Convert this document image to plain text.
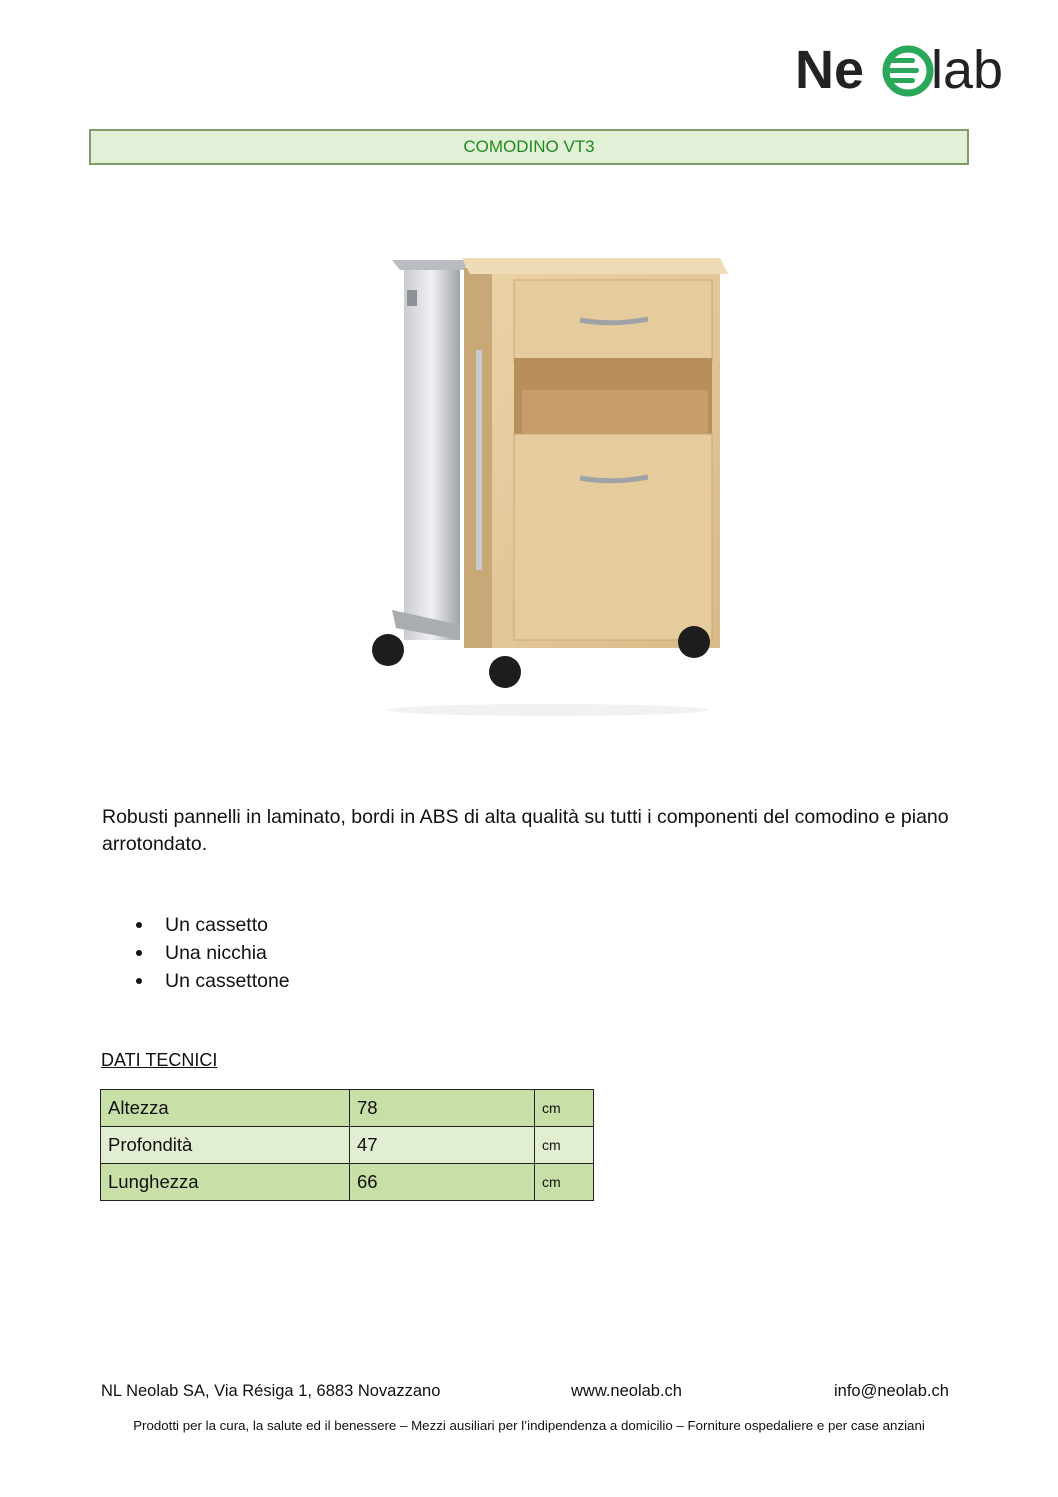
Ne lab
COMODINO VT3
Robusti pannelli in laminato, bordi in ABS di alta qualità su tutti i componenti del comodino e piano arrotondato.
Un cassetto
Una nicchia
Un cassettone
DATI TECNICI
Altezza	78	cm
Profondità	47	cm
Lunghezza	66	cm
NL Neolab SA, Via Résiga 1, 6883 Novazzano	www.neolab.ch	info@neolab.ch
Prodotti per la cura, la salute ed il benessere – Mezzi ausiliari per l’indipendenza a domicilio – Forniture ospedaliere e per case anziani
